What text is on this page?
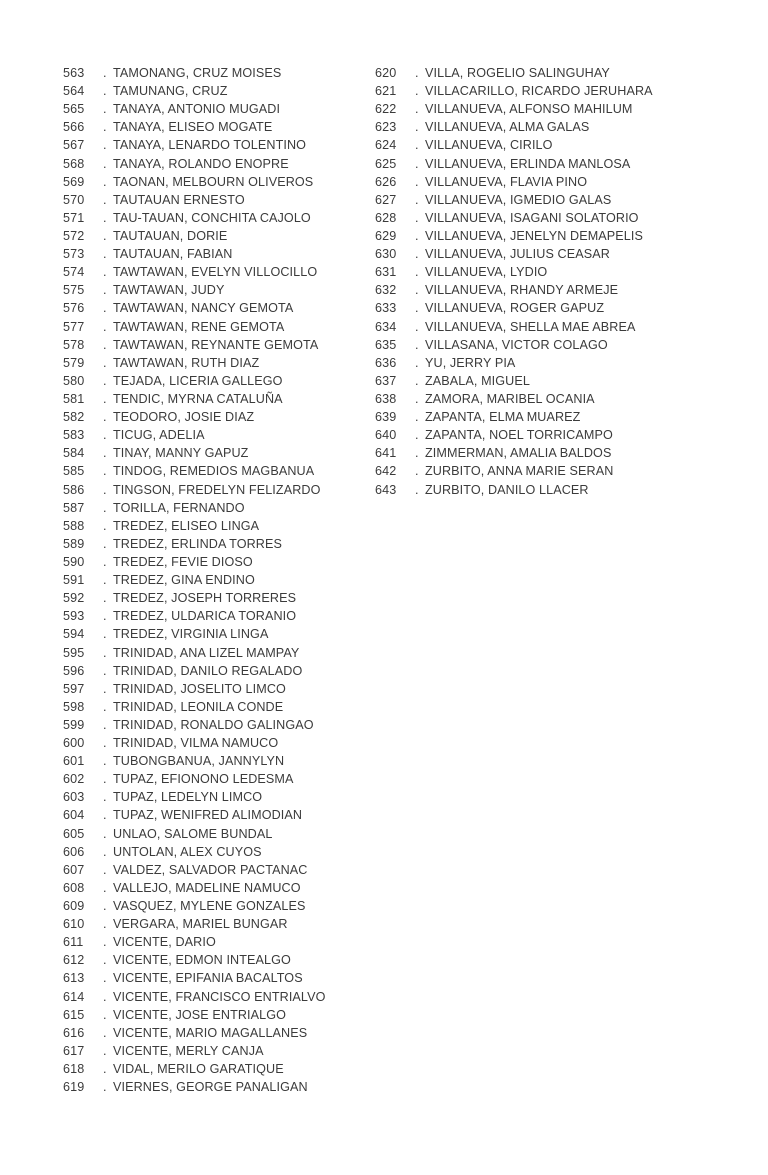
563	. TAMONANG, CRUZ MOISES
564	. TAMUNANG, CRUZ
565	. TANAYA, ANTONIO MUGADI
566	. TANAYA, ELISEO MOGATE
567	. TANAYA, LENARDO TOLENTINO
568	. TANAYA, ROLANDO ENOPRE
569	. TAONAN, MELBOURN OLIVEROS
570	. TAUTAUAN ERNESTO
571	. TAU-TAUAN, CONCHITA CAJOLO
572	. TAUTAUAN, DORIE
573	. TAUTAUAN, FABIAN
574	. TAWTAWAN, EVELYN VILLOCILLO
575	. TAWTAWAN, JUDY
576	. TAWTAWAN, NANCY GEMOTA
577	. TAWTAWAN, RENE GEMOTA
578	. TAWTAWAN, REYNANTE GEMOTA
579	. TAWTAWAN, RUTH DIAZ
580	. TEJADA, LICERIA GALLEGO
581	. TENDIC, MYRNA CATALUÑA
582	. TEODORO, JOSIE DIAZ
583	. TICUG, ADELIA
584	. TINAY, MANNY GAPUZ
585	. TINDOG, REMEDIOS MAGBANUA
586	. TINGSON, FREDELYN FELIZARDO
587	. TORILLA, FERNANDO
588	. TREDEZ, ELISEO LINGA
589	. TREDEZ, ERLINDA TORRES
590	. TREDEZ, FEVIE DIOSO
591	. TREDEZ, GINA ENDINO
592	. TREDEZ, JOSEPH TORRERES
593	. TREDEZ, ULDARICA TORANIO
594	. TREDEZ, VIRGINIA LINGA
595	. TRINIDAD, ANA LIZEL MAMPAY
596	. TRINIDAD, DANILO REGALADO
597	. TRINIDAD, JOSELITO LIMCO
598	. TRINIDAD, LEONILA CONDE
599	. TRINIDAD, RONALDO GALINGAO
600	. TRINIDAD, VILMA NAMUCO
601	. TUBONGBANUA, JANNYLYN
602	. TUPAZ, EFIONONO LEDESMA
603	. TUPAZ, LEDELYN LIMCO
604	. TUPAZ, WENIFRED ALIMODIAN
605	. UNLAO, SALOME BUNDAL
606	. UNTOLAN, ALEX CUYOS
607	. VALDEZ, SALVADOR PACTANAC
608	. VALLEJO, MADELINE NAMUCO
609	. VASQUEZ, MYLENE GONZALES
610	. VERGARA, MARIEL BUNGAR
611	. VICENTE, DARIO
612	. VICENTE, EDMON INTEALGO
613	. VICENTE, EPIFANIA BACALTOS
614	. VICENTE, FRANCISCO ENTRIALVO
615	. VICENTE, JOSE ENTRIALGO
616	. VICENTE, MARIO MAGALLANES
617	. VICENTE, MERLY CANJA
618	. VIDAL, MERILO GARATIQUE
619	. VIERNES, GEORGE PANALIGAN
620	. VILLA, ROGELIO SALINGUHAY
621	. VILLACARILLO, RICARDO JERUHARA
622	. VILLANUEVA, ALFONSO MAHILUM
623	. VILLANUEVA, ALMA GALAS
624	. VILLANUEVA, CIRILO
625	. VILLANUEVA, ERLINDA MANLOSA
626	. VILLANUEVA, FLAVIA PINO
627	. VILLANUEVA, IGMEDIO GALAS
628	. VILLANUEVA, ISAGANI SOLATORIO
629	. VILLANUEVA, JENELYN DEMAPELIS
630	. VILLANUEVA, JULIUS CEASAR
631	. VILLANUEVA, LYDIO
632	. VILLANUEVA, RHANDY ARMEJE
633	. VILLANUEVA, ROGER GAPUZ
634	. VILLANUEVA, SHELLA MAE ABREA
635	. VILLASANA, VICTOR COLAGO
636	. YU, JERRY PIA
637	. ZABALA, MIGUEL
638	. ZAMORA, MARIBEL OCANIA
639	. ZAPANTA, ELMA MUAREZ
640	. ZAPANTA, NOEL TORRICAMPO
641	. ZIMMERMAN, AMALIA BALDOS
642	. ZURBITO, ANNA MARIE SERAN
643	. ZURBITO, DANILO LLACER
